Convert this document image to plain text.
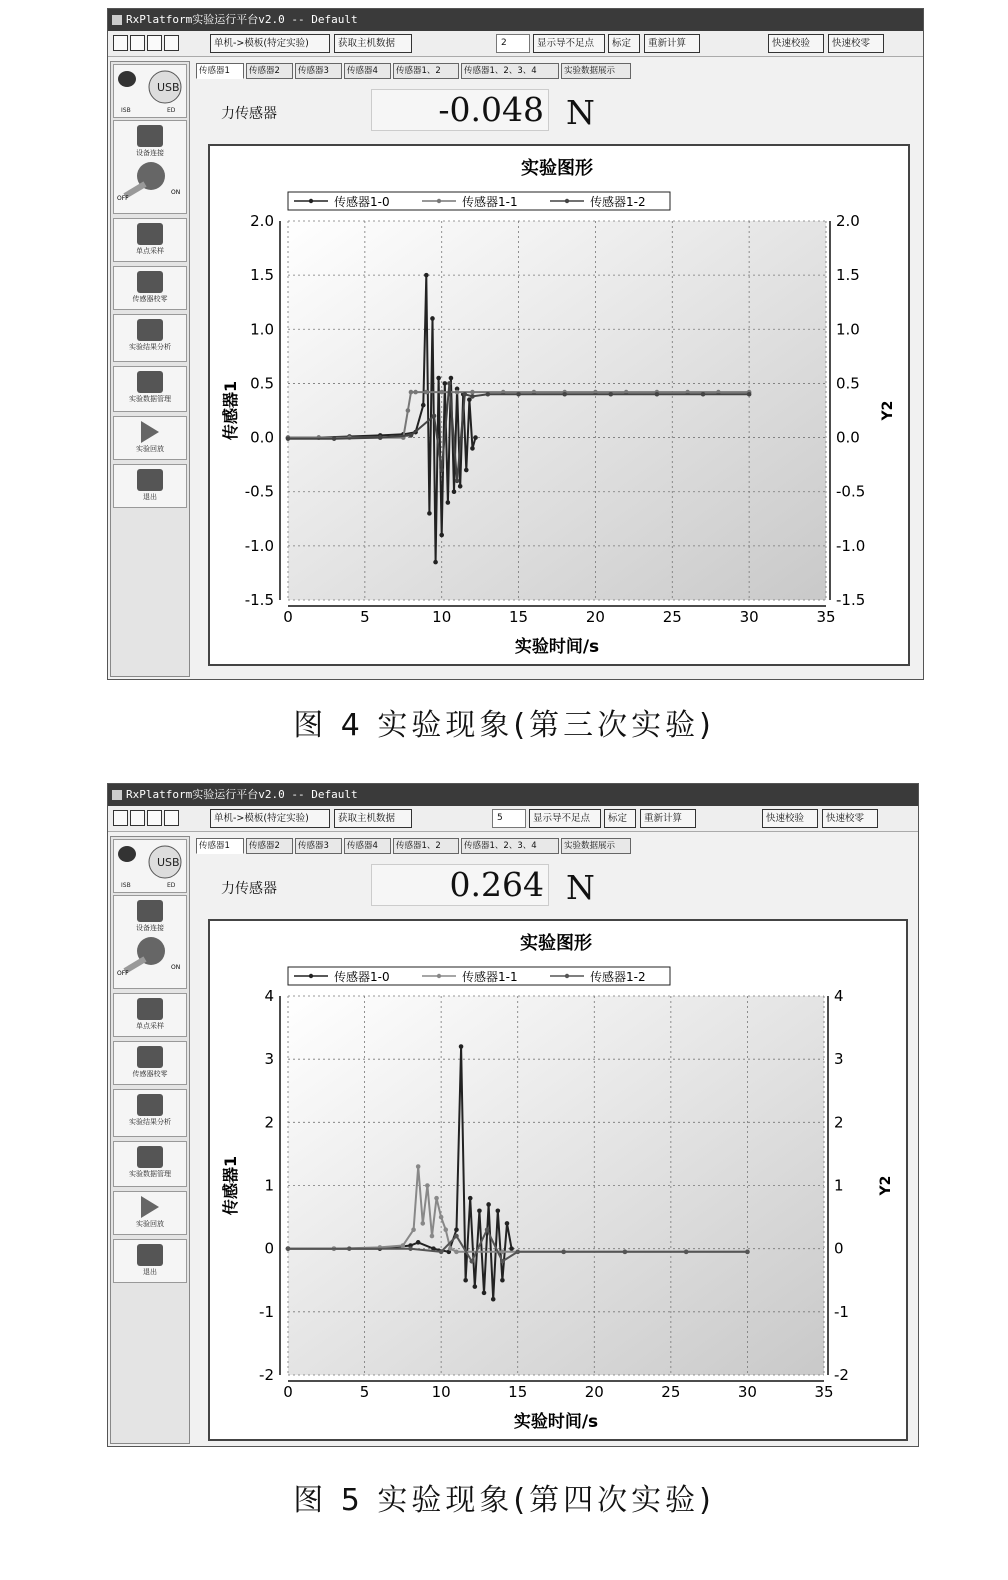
RxPlatform实验运行平台v2.0 -- Default
单机->模板(特定实验)	获取主机数据	2	显示导不足点	标定	重新计算	快速校验	快速校零
USB
ISB	ED
设备连接
OFF
ON
单点采样
传感器校零
实验结果分析
实验数据管理
实验回放
退出
传感器1	传感器2	传感器3	传感器4	传感器1、2	传感器1、2、3、4	实验数据展示
力传感器	-0.048 N
0	5	10	15	20	25	30	35
-1.5	-1.5
-1.0	-1.0
-0.5	-0.5
0.0	0.0
0.5	0.5
1.0	1.0
1.5	1.5
2.0	2.0
实验图形
实验时间/s
传感器1	Y2
传感器1-0	传感器1-1	传感器1-2
图 4 实验现象(第三次实验)
RxPlatform实验运行平台v2.0 -- Default
单机->模板(特定实验)	获取主机数据	5	显示导不足点	标定	重新计算	快速校验	快速校零
USB
ISB	ED
设备连接
OFF
ON
单点采样
传感器校零
实验结果分析
实验数据管理
实验回放
退出
传感器1	传感器2	传感器3	传感器4	传感器1、2	传感器1、2、3、4	实验数据展示
力传感器	0.264 N
0	5	10	15	20	25	30	35
-2	-2
-1	-1
0	0
1	1
2	2
3	3
4	4
实验图形
实验时间/s
传感器1	Y2
传感器1-0	传感器1-1	传感器1-2
图 5 实验现象(第四次实验)
